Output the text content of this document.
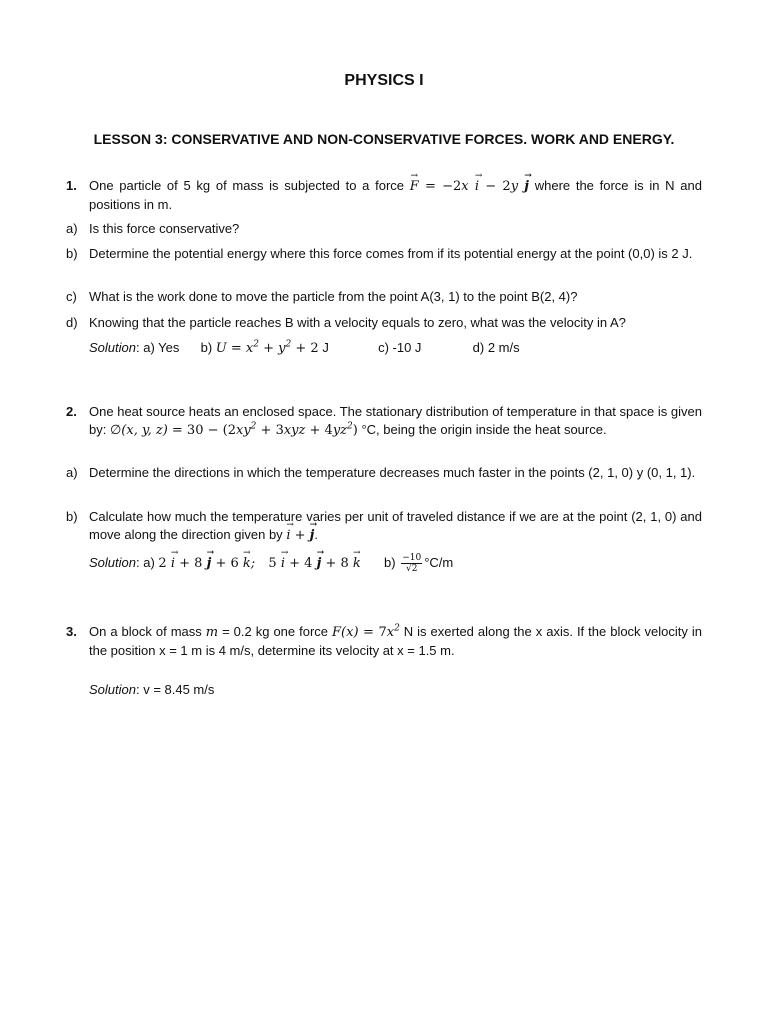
PHYSICS I
LESSON 3: CONSERVATIVE AND NON-CONSERVATIVE FORCES. WORK AND ENERGY.
1. One particle of 5 kg of mass is subjected to a force → F = −2x → i − 2y → j where the force is in N and positions in m.
a) Is this force conservative?
b) Determine the potential energy where this force comes from if its potential energy at the point (0,0) is 2 J.
c) What is the work done to move the particle from the point A(3, 1) to the point B(2, 4)?
d) Knowing that the particle reaches B with a velocity equals to zero, what was the velocity in A?
Solution: a) Yes b) $U = x^2 + y^2 + 2$ J	c) -10 J	d) 2 m/s
2. One heat source heats an enclosed space. The stationary distribution of temperature in that space is given by: ∅(x, y, $z) = 30 - (2xy^2 + 3xyz + 4yz^2)$ °C, being the origin inside the heat source.
a) Determine the directions in which the temperature decreases much faster in the points (2, 1, 0) y (0, 1, 1).
b) Calculate how much the temperature varies per unit of traveled distance if we are at the point (2, 1, 0) and move along the direction given by → i + → j.
Solution: a) 2 → i + 8 → j + 6 → k; 5 → i + 4 → j + 8 → k $b) \frac{-10}{√2} ^\circ C/m$
3. On a block of mass m = 0.2 kg one force $F(x) = 7x^2$ N is exerted along the x axis. If the block velocity in the position x = 1 m is 4 m/s, determine its velocity at x = 1.5 m.
Solution: v = 8.45 m/s
